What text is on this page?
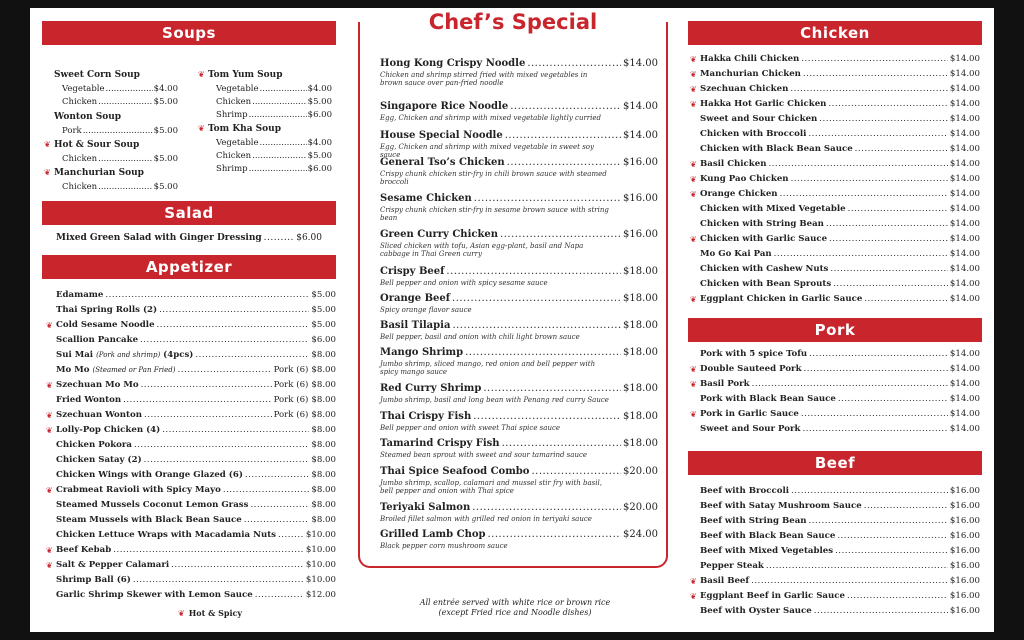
Soups
Sweet Corn Soup
Vegetable .....	$4.00
Chicken .....	$5.00
Wonton Soup
Pork .....	$5.00
Hot & Sour Soup
❦
Chicken .....	$5.00
Manchurian Soup
❦
Chicken .....	$5.00
Tom Yum Soup
❦
Vegetable .....	$4.00
Chicken .....	$5.00
Shrimp .....	$6.00
Tom Kha Soup
❦
Vegetable .....	$4.00
Chicken .....	$5.00
Shrimp .....	$6.00
Salad
Mixed Green Salad with Ginger Dressing .....	$6.00
Appetizer
Edamame .....	$5.00
Thai Spring Rolls (2) .....	$5.00
❦ Cold Sesame Noodle .....	$5.00
Scallion Pancake .....	$6.00
Sui Mai (Pork and shrimp) (4pcs) .....	$8.00
Mo Mo (Steamed or Pan Fried) .....	Pork (6) $8.00
❦ Szechuan Mo Mo .....	Pork (6) $8.00
Fried Wonton .....	Pork (6) $8.00
❦ Szechuan Wonton .....	Pork (6) $8.00
❦ Lolly-Pop Chicken (4) .....	$8.00
Chicken Pokora .....	$8.00
Chicken Satay (2) .....	$8.00
Chicken Wings with Orange Glazed (6) .....	$8.00
❦ Crabmeat Ravioli with Spicy Mayo .....	$8.00
Steamed Mussels Coconut Lemon Grass .....	$8.00
Steam Mussels with Black Bean Sauce .....	$8.00
Chicken Lettuce Wraps with Macadamia Nuts .....	$10.00
❦ Beef Kebab .....	$10.00
❦ Salt & Pepper Calamari .....	$10.00
Shrimp Ball (6) .....	$10.00
Garlic Shrimp Skewer with Lemon Sauce .....	$12.00
❦ Hot & Spicy
Chef’s Special
Hong Kong Crispy Noodle .....	$14.00
Chicken and shrimp stirred fried with mixed vegetables in brown sauce over pan-fried noodle
Singapore Rice Noodle .....	$14.00
Egg, Chicken and shrimp with mixed vegetable lightly curried
House Special Noodle .....	$14.00
Egg, Chicken and shrimp with mixed vegetable in sweet soy sauce
General Tso’s Chicken .....	$16.00
Crispy chunk chicken stir-fry in chili brown sauce with steamed broccoli
Sesame Chicken .....	$16.00
Crispy chunk chicken stir-fry in sesame brown sauce with string bean
Green Curry Chicken .....	$16.00
Sliced chicken with tofu, Asian egg-plant, basil and Napa cabbage in Thai Green curry
Crispy Beef .....	$18.00
Bell pepper and onion with spicy sesame sauce
Orange Beef .....	$18.00
Spicy orange flavor sauce
Basil Tilapia .....	$18.00
Bell pepper, basil and onion with chili light brown sauce
Mango Shrimp .....	$18.00
Jumbo shrimp, sliced mango, red onion and bell pepper with spicy mango sauce
Red Curry Shrimp .....	$18.00
Jumbo shrimp, basil and long bean with Penang red curry Sauce
Thai Crispy Fish .....	$18.00
Bell pepper and onion with sweet Thai spice sauce
Tamarind Crispy Fish .....	$18.00
Steamed bean sprout with sweet and sour tamarind sauce
Thai Spice Seafood Combo .....	$20.00
Jumbo shrimp, scallop, calamari and mussel stir fry with basil, bell pepper and onion with Thai spice
Teriyaki Salmon .....	$20.00
Broiled fillet salmon with grilled red onion in teriyaki sauce
Grilled Lamb Chop .....	$24.00
Black pepper corn mushroom sauce
All entrée served with white rice or brown rice
(except Fried rice and Noodle dishes)
Chicken
❦ Hakka Chili Chicken .....	$14.00
❦ Manchurian Chicken .....	$14.00
❦ Szechuan Chicken .....	$14.00
❦ Hakka Hot Garlic Chicken .....	$14.00
Sweet and Sour Chicken .....	$14.00
Chicken with Broccoli .....	$14.00
Chicken with Black Bean Sauce .....	$14.00
❦ Basil Chicken .....	$14.00
❦ Kung Pao Chicken .....	$14.00
❦ Orange Chicken .....	$14.00
Chicken with Mixed Vegetable .....	$14.00
Chicken with String Bean .....	$14.00
❦ Chicken with Garlic Sauce .....	$14.00
Mo Go Kai Pan .....	$14.00
Chicken with Cashew Nuts .....	$14.00
Chicken with Bean Sprouts .....	$14.00
❦ Eggplant Chicken in Garlic Sauce .....	$14.00
Pork
Pork with 5 spice Tofu .....	$14.00
❦ Double Sauteed Pork .....	$14.00
❦ Basil Pork .....	$14.00
Pork with Black Bean Sauce .....	$14.00
❦ Pork in Garlic Sauce .....	$14.00
Sweet and Sour Pork .....	$14.00
Beef
Beef with Broccoli .....	$16.00
Beef with Satay Mushroom Sauce .....	$16.00
Beef with String Bean .....	$16.00
Beef with Black Bean Sauce .....	$16.00
Beef with Mixed Vegetables .....	$16.00
Pepper Steak .....	$16.00
❦ Basil Beef .....	$16.00
❦ Eggplant Beef in Garlic Sauce .....	$16.00
Beef with Oyster Sauce .....	$16.00
